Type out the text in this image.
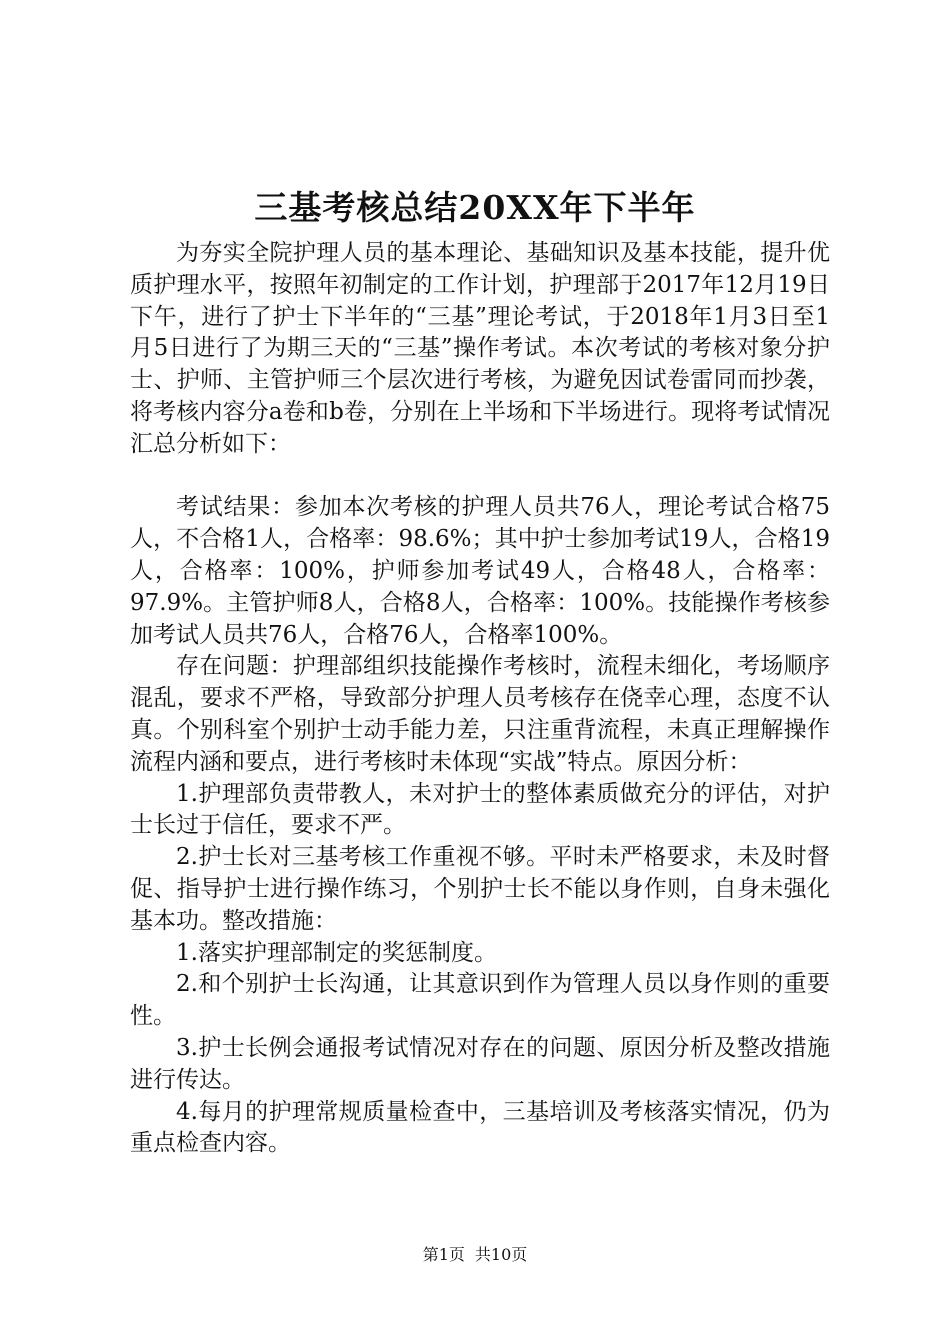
三基考核总结20XX年下半年

为夯实全院护理人员的基本理论、基础知识及基本技能，提升优质护理水平，按照年初制定的工作计划，护理部于2017年12月19日下午，进行了护士下半年的“三基”理论考试，于2018年1月3日至1月5日进行了为期三天的“三基”操作考试。本次考试的考核对象分护士、护师、主管护师三个层次进行考核，为避免因试卷雷同而抄袭，将考核内容分a卷和b卷，分别在上半场和下半场进行。现将考试情况汇总分析如下：

考试结果：参加本次考核的护理人员共76人，理论考试合格75人，不合格1人，合格率：98.6%；其中护士参加考试19人，合格19人，合格率：100%，护师参加考试49人，合格48人，合格率：97.9%。主管护师8人，合格8人，合格率：100%。技能操作考核参加考试人员共76人，合格76人，合格率100%。

存在问题：护理部组织技能操作考核时，流程未细化，考场顺序混乱，要求不严格，导致部分护理人员考核存在侥幸心理，态度不认真。个别科室个别护士动手能力差，只注重背流程，未真正理解操作流程内涵和要点，进行考核时未体现“实战”特点。原因分析：

1.护理部负责带教人，未对护士的整体素质做充分的评估，对护士长过于信任，要求不严。

2.护士长对三基考核工作重视不够。平时未严格要求，未及时督促、指导护士进行操作练习，个别护士长不能以身作则，自身未强化基本功。整改措施：

1.落实护理部制定的奖惩制度。

2.和个别护士长沟通，让其意识到作为管理人员以身作则的重要性。

3.护士长例会通报考试情况对存在的问题、原因分析及整改措施进行传达。

4.每月的护理常规质量检查中，三基培训及考核落实情况，仍为重点检查内容。

第1页 共10页
